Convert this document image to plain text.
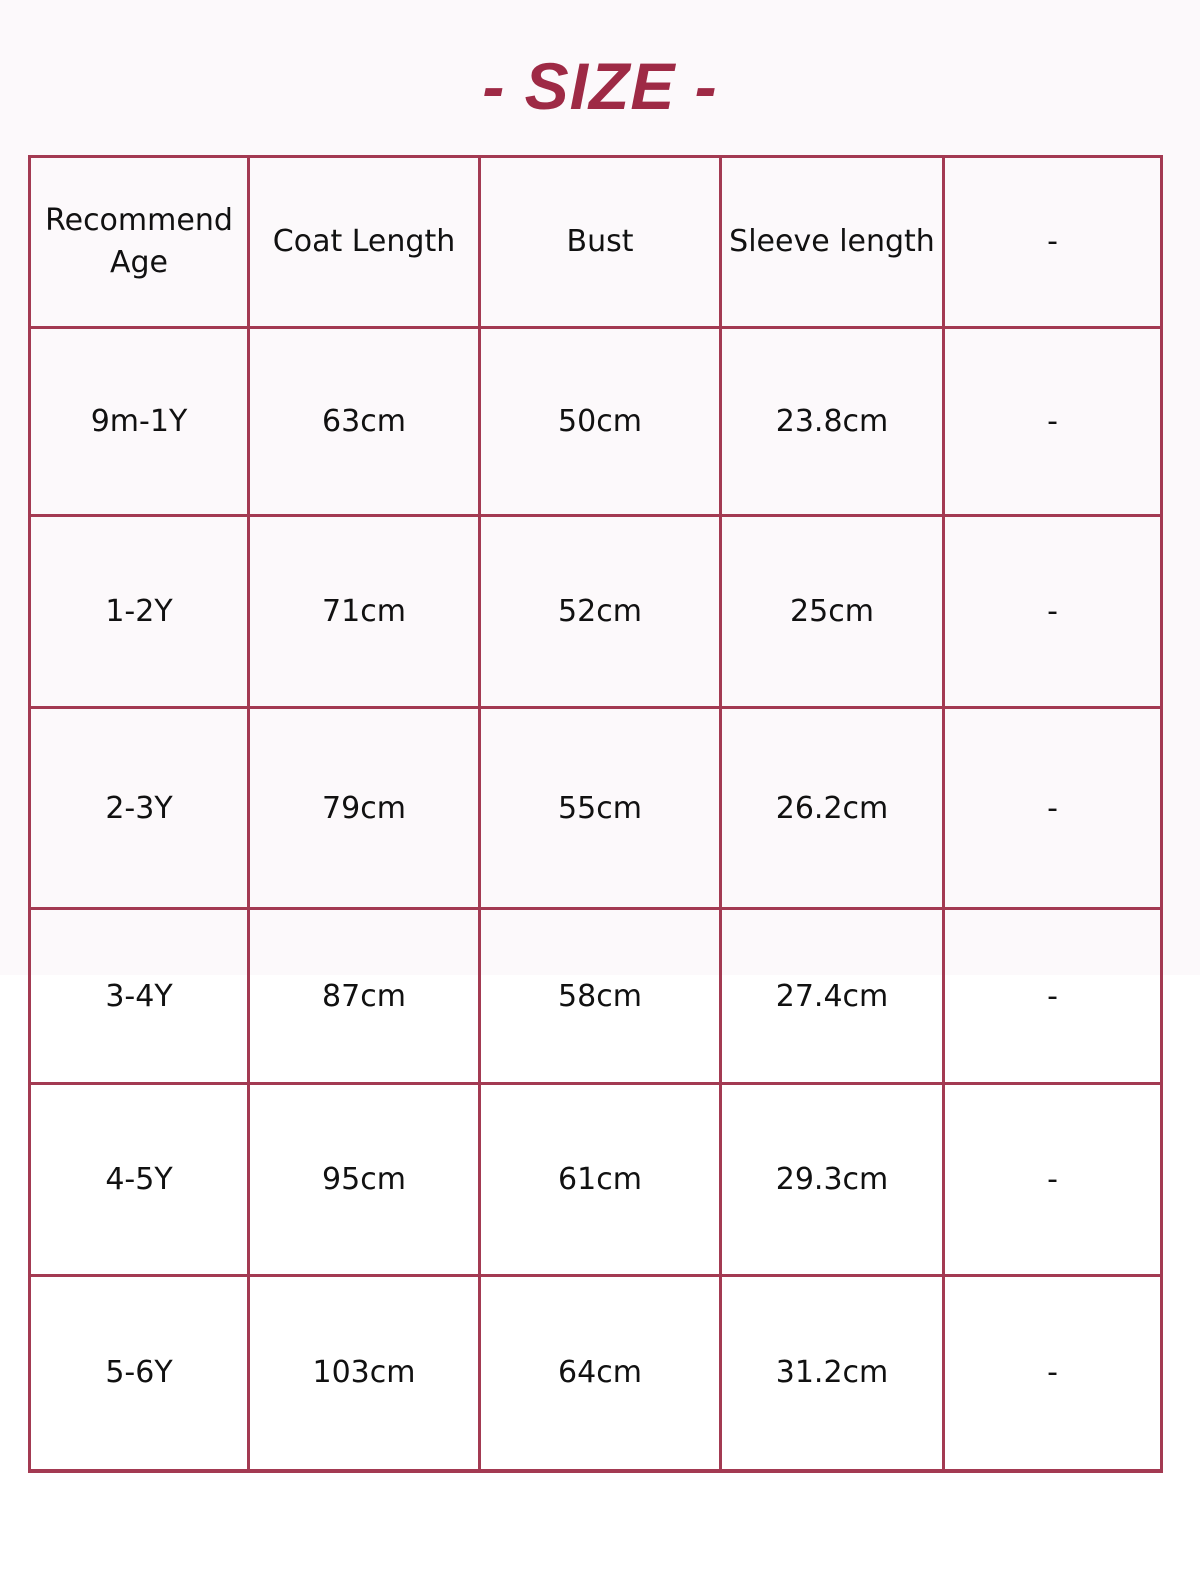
- SIZE -
Recommend Age	Coat Length	Bust	Sleeve length	-
9m-1Y	63cm	50cm	23.8cm	-
1-2Y	71cm	52cm	25cm	-
2-3Y	79cm	55cm	26.2cm	-
3-4Y	87cm	58cm	27.4cm	-
4-5Y	95cm	61cm	29.3cm	-
5-6Y	103cm	64cm	31.2cm	-
